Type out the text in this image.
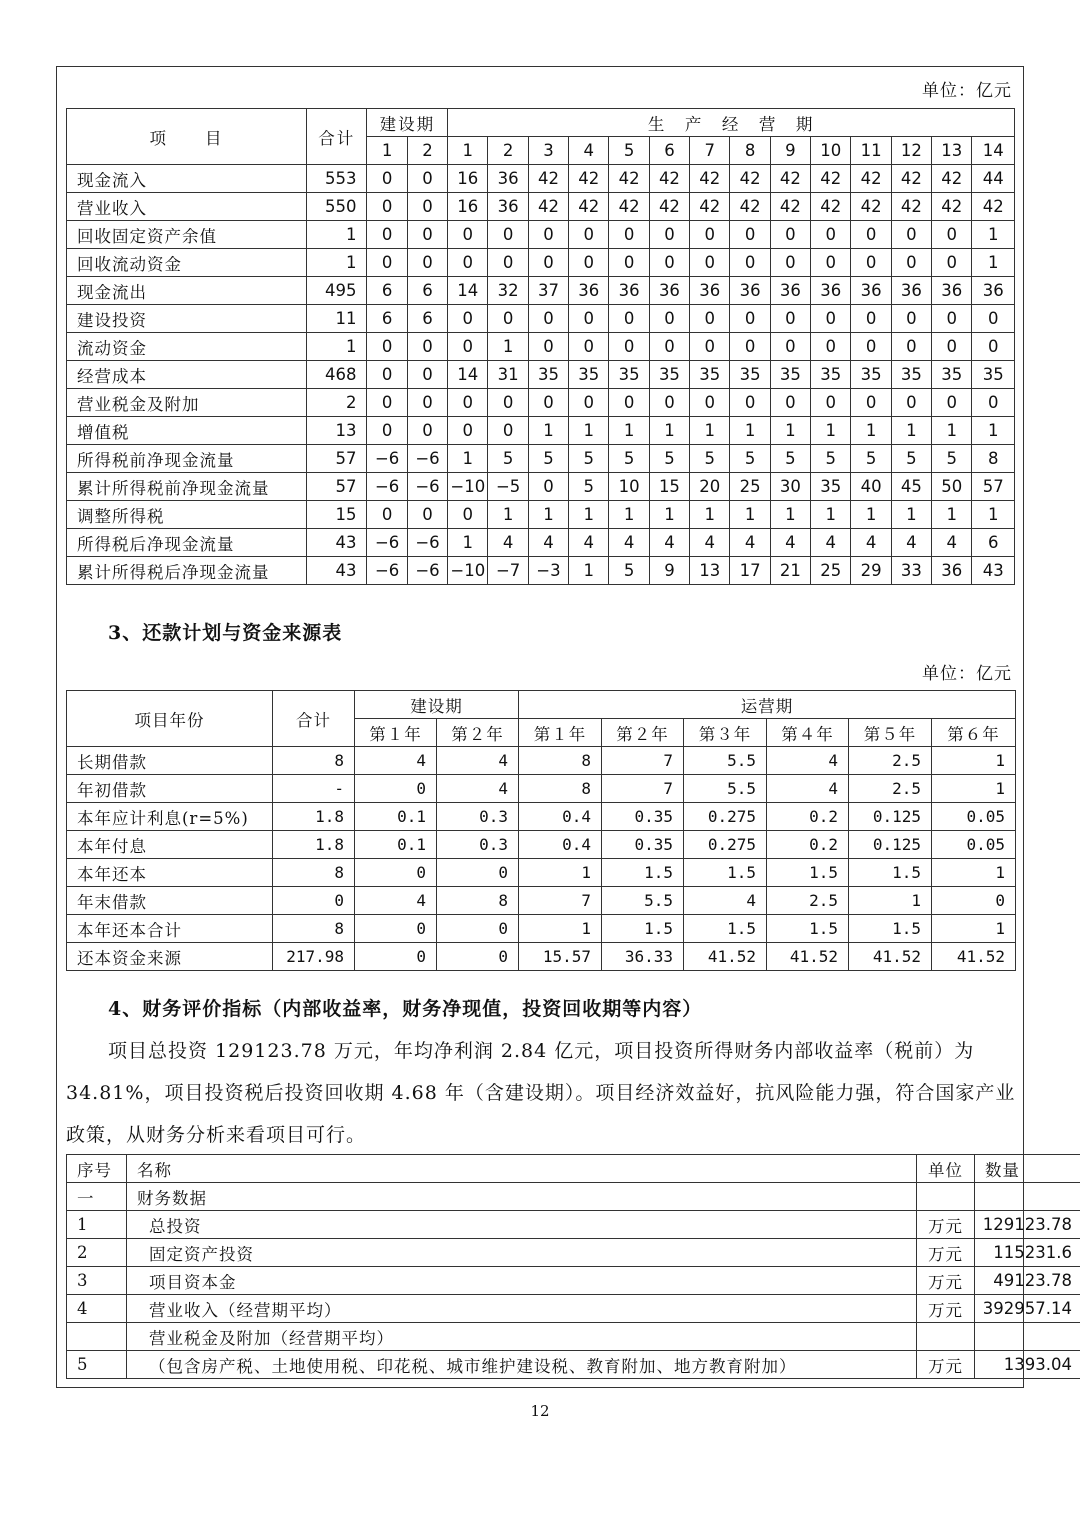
单位：亿元
项　　目	合计	建设期		生　产　经　营　期													
		1	2	1	2	3	4	5	6	7	8	9	10	11	12	13	14
现金流入	553	0	0	16	36	42	42	42	42	42	42	42	42	42	42	42	44
营业收入	550	0	0	16	36	42	42	42	42	42	42	42	42	42	42	42	42
回收固定资产余值	1	0	0	0	0	0	0	0	0	0	0	0	0	0	0	0	1
回收流动资金	1	0	0	0	0	0	0	0	0	0	0	0	0	0	0	0	1
现金流出	495	6	6	14	32	37	36	36	36	36	36	36	36	36	36	36	36
建设投资	11	6	6	0	0	0	0	0	0	0	0	0	0	0	0	0	0
流动资金	1	0	0	0	1	0	0	0	0	0	0	0	0	0	0	0	0
经营成本	468	0	0	14	31	35	35	35	35	35	35	35	35	35	35	35	35
营业税金及附加	2	0	0	0	0	0	0	0	0	0	0	0	0	0	0	0	0
增值税	13	0	0	0	0	1	1	1	1	1	1	1	1	1	1	1	1
所得税前净现金流量	57	−6	−6	1	5	5	5	5	5	5	5	5	5	5	5	5	8
累计所得税前净现金流量	57	−6	−6	−10	−5	0	5	10	15	20	25	30	35	40	45	50	57
调整所得税	15	0	0	0	1	1	1	1	1	1	1	1	1	1	1	1	1
所得税后净现金流量	43	−6	−6	1	4	4	4	4	4	4	4	4	4	4	4	4	6
累计所得税后净现金流量	43	−6	−6	−10	−7	−3	1	5	9	13	17	21	25	29	33	36	43
3、还款计划与资金来源表
单位：亿元
项目年份	合计	建设期		运营期					
		第１年	第２年	第１年	第２年	第３年	第４年	第５年	第６年
长期借款	8	4	4	8	7	5.5	4	2.5	1
年初借款	-	0	4	8	7	5.5	4	2.5	1
本年应计利息(r=5%)	1.8	0.1	0.3	0.4	0.35	0.275	0.2	0.125	0.05
本年付息	1.8	0.1	0.3	0.4	0.35	0.275	0.2	0.125	0.05
本年还本	8	0	0	1	1.5	1.5	1.5	1.5	1
年末借款	0	4	8	7	5.5	4	2.5	1	0
本年还本合计	8	0	0	1	1.5	1.5	1.5	1.5	1
还本资金来源	217.98	0	0	15.57	36.33	41.52	41.52	41.52	41.52
4、财务评价指标（内部收益率，财务净现值，投资回收期等内容）
项目总投资 129123.78 万元，年均净利润 2.84 亿元，项目投资所得财务内部收益率（税前）为 34.81%，项目投资税后投资回收期 4.68 年（含建设期）。项目经济效益好，抗风险能力强，符合国家产业政策，从财务分析来看项目可行。
序号	名称	单位	数量
一	财务数据		
1	总投资	万元	129123.78
2	固定资产投资	万元	115231.6
3	项目资本金	万元	49123.78
4	营业收入（经营期平均）	万元	392957.14
	营业税金及附加（经营期平均）		
5	（包含房产税、土地使用税、印花税、城市维护建设税、教育附加、地方教育附加）	万元	1393.04
12
